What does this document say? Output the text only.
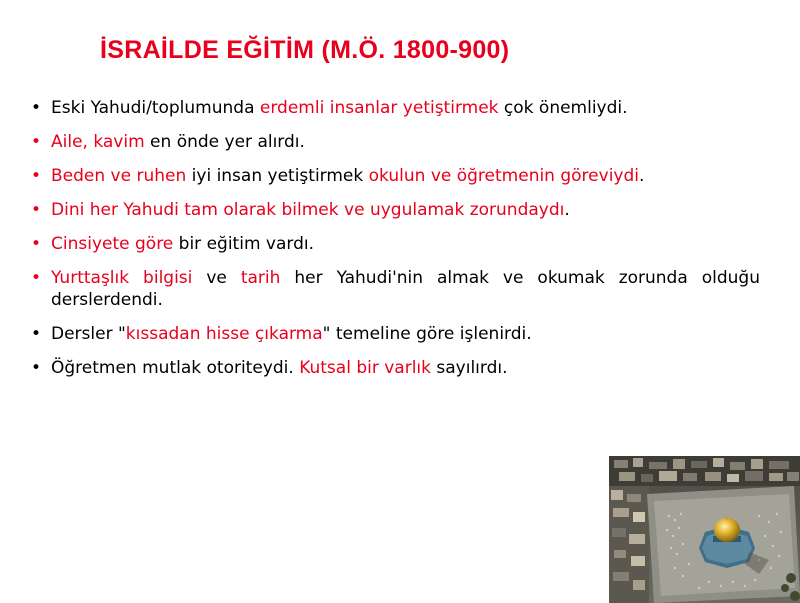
İSRAİLDE EĞİTİM (M.Ö. 1800-900)
• Eski Yahudi/toplumunda erdemli insanlar yetiştirmek çok önemliydi.
• Aile, kavim en önde yer alırdı.
• Beden ve ruhen iyi insan yetiştirmek okulun ve öğretmenin göreviydi.
• Dini her Yahudi tam olarak bilmek ve uygulamak zorundaydı.
• Cinsiyete göre bir eğitim vardı.
• Yurttaşlık bilgisi ve tarih her Yahudi'nin almak ve okumak zorunda olduğu derslerdendi.
• Dersler "kıssadan hisse çıkarma" temeline göre işlenirdi.
• Öğretmen mutlak otoriteydi. Kutsal bir varlık sayılırdı.
